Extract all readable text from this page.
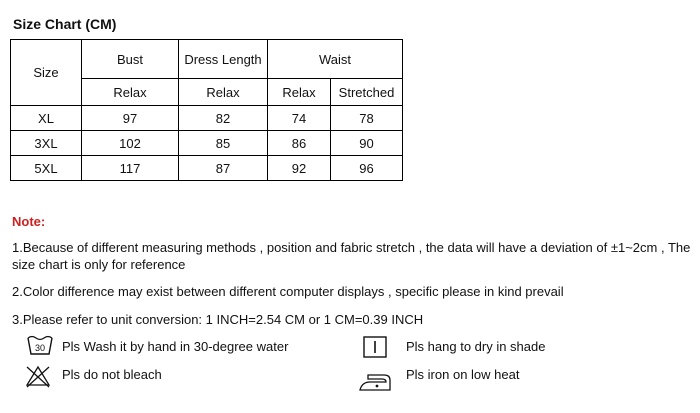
Size Chart (CM)
Size	Bust	Dress Length	Waist	
	Relax	Relax	Relax	Stretched
XL	97	82	74	78
3XL	102	85	86	90
5XL	117	87	92	96
Note:
1.Because of different measuring methods , position and fabric stretch , the data will have a deviation of ±1~2cm , The size chart is only for reference
2.Color difference may exist between different computer displays , specific please in kind prevail
3.Please refer to unit conversion: 1 INCH=2.54 CM or 1 CM=0.39 INCH
30 Pls Wash it by hand in 30-degree water	Pls hang to dry in shade
Pls do not bleach	Pls iron on low heat
